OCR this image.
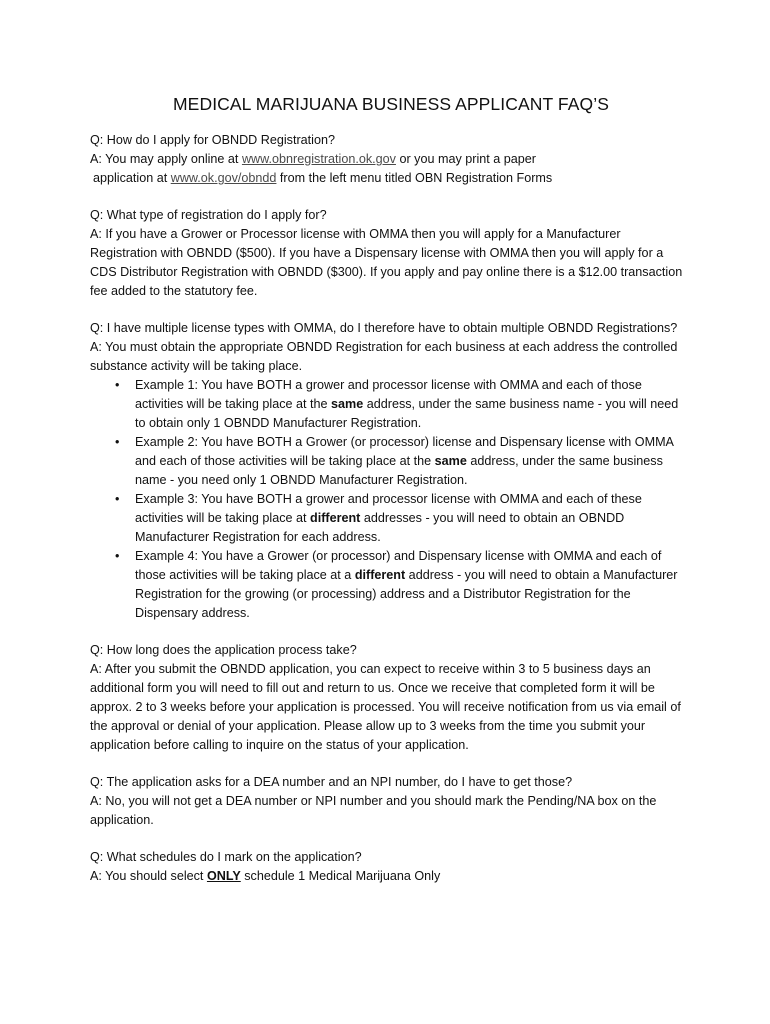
MEDICAL MARIJUANA BUSINESS APPLICANT FAQ’S

Q: How do I apply for OBNDD Registration?

A: You may apply online at www.obnregistration.ok.gov or you may print a paper

application at www.ok.gov/obndd from the left menu titled OBN Registration Forms

Q: What type of registration do I apply for?

A: If you have a Grower or Processor license with OMMA then you will apply for a Manufacturer Registration with OBNDD ($500). If you have a Dispensary license with OMMA then you will apply for a CDS Distributor Registration with OBNDD ($300). If you apply and pay online there is a $12.00 transaction fee added to the statutory fee.

Q: I have multiple license types with OMMA, do I therefore have to obtain multiple OBNDD Registrations?

A: You must obtain the appropriate OBNDD Registration for each business at each address the controlled substance activity will be taking place.

• Example 1: You have BOTH a grower and processor license with OMMA and each of those activities will be taking place at the same address, under the same business name - you will need to obtain only 1 OBNDD Manufacturer Registration.
• Example 2: You have BOTH a Grower (or processor) license and Dispensary license with OMMA and each of those activities will be taking place at the same address, under the same business name - you need only 1 OBNDD Manufacturer Registration.
• Example 3: You have BOTH a grower and processor license with OMMA and each of these activities will be taking place at different addresses - you will need to obtain an OBNDD Manufacturer Registration for each address.
• Example 4: You have a Grower (or processor) and Dispensary license with OMMA and each of those activities will be taking place at a different address - you will need to obtain a Manufacturer Registration for the growing (or processing) address and a Distributor Registration for the Dispensary address.

Q: How long does the application process take?

A: After you submit the OBNDD application, you can expect to receive within 3 to 5 business days an additional form you will need to fill out and return to us. Once we receive that completed form it will be approx. 2 to 3 weeks before your application is processed. You will receive notification from us via email of the approval or denial of your application. Please allow up to 3 weeks from the time you submit your application before calling to inquire on the status of your application.

Q: The application asks for a DEA number and an NPI number, do I have to get those?

A: No, you will not get a DEA number or NPI number and you should mark the Pending/NA box on the application.

Q: What schedules do I mark on the application?

A: You should select ONLY schedule 1 Medical Marijuana Only
